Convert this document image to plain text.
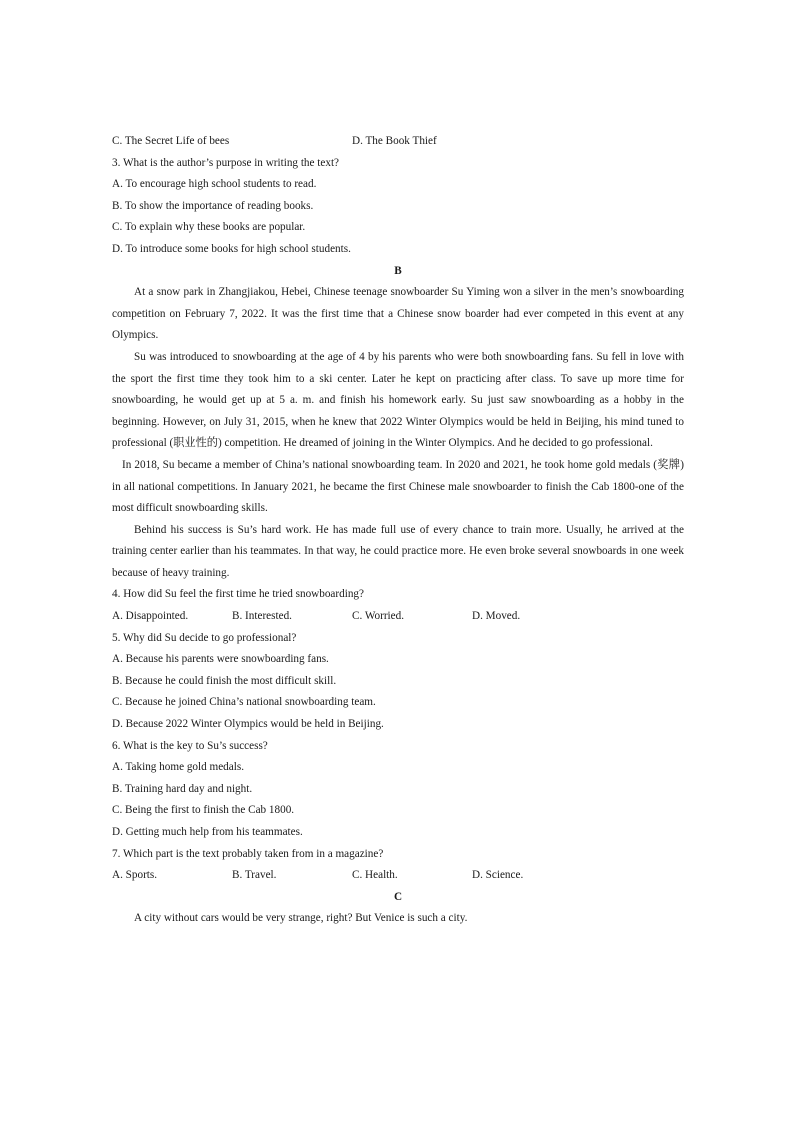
C. The Secret Life of bees	D. The Book Thief
3. What is the author’s purpose in writing the text?
A. To encourage high school students to read.
B. To show the importance of reading books.
C. To explain why these books are popular.
D. To introduce some books for high school students.
B
At a snow park in Zhangjiakou, Hebei, Chinese teenage snowboarder Su Yiming won a silver in the men’s snowboarding competition on February 7, 2022. It was the first time that a Chinese snow boarder had ever competed in this event at any Olympics.
Su was introduced to snowboarding at the age of 4 by his parents who were both snowboarding fans. Su fell in love with the sport the first time they took him to a ski center. Later he kept on practicing after class. To save up more time for snowboarding, he would get up at 5 a. m. and finish his homework early. Su just saw snowboarding as a hobby in the beginning. However, on July 31, 2015, when he knew that 2022 Winter Olympics would be held in Beijing, his mind tuned to professional (职业性的) competition. He dreamed of joining in the Winter Olympics. And he decided to go professional.
In 2018, Su became a member of China’s national snowboarding team. In 2020 and 2021, he took home gold medals (奖牌) in all national competitions. In January 2021, he became the first Chinese male snowboarder to finish the Cab 1800-one of the most difficult snowboarding skills.
Behind his success is Su’s hard work. He has made full use of every chance to train more. Usually, he arrived at the training center earlier than his teammates. In that way, he could practice more. He even broke several snowboards in one week because of heavy training.
4. How did Su feel the first time he tried snowboarding?
A. Disappointed.	B. Interested.	C. Worried.	D. Moved.
5. Why did Su decide to go professional?
A. Because his parents were snowboarding fans.
B. Because he could finish the most difficult skill.
C. Because he joined China’s national snowboarding team.
D. Because 2022 Winter Olympics would be held in Beijing.
6. What is the key to Su’s success?
A. Taking home gold medals.
B. Training hard day and night.
C. Being the first to finish the Cab 1800.
D. Getting much help from his teammates.
7. Which part is the text probably taken from in a magazine?
A. Sports.	B. Travel.	C. Health.	D. Science.
C
A city without cars would be very strange, right? But Venice is such a city.
